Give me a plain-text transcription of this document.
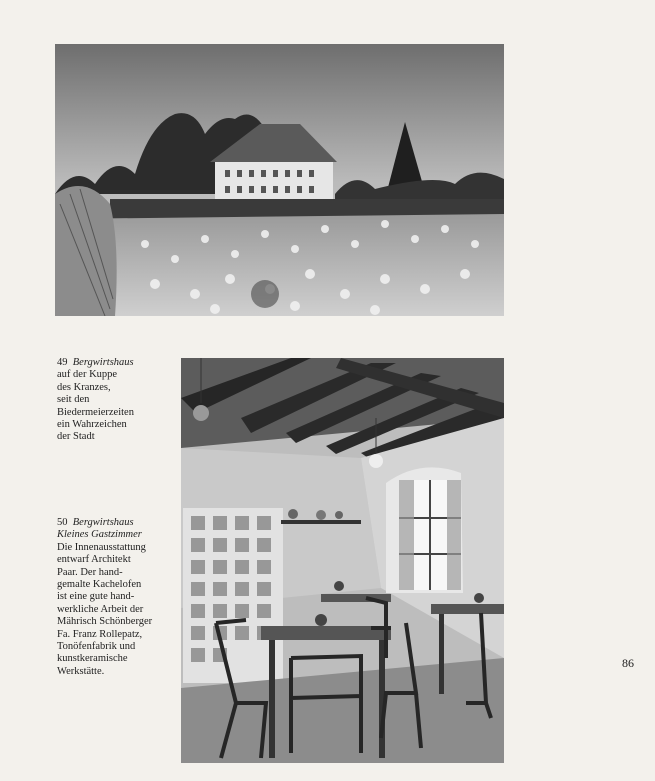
49 Bergwirtshaus
auf der Kuppe
des Kranzes,
seit den
Biedermeierzeiten
ein Wahrzeichen
der Stadt
50 Bergwirtshaus
Kleines Gastzimmer
Die Innenausstattung
entwarf Architekt
Paar. Der hand-
gemalte Kachelofen
ist eine gute hand-
werkliche Arbeit der
Mährisch Schönberger
Fa. Franz Rollepatz,
Tonöfenfabrik und
kunstkeramische
Werkstätte.
86
